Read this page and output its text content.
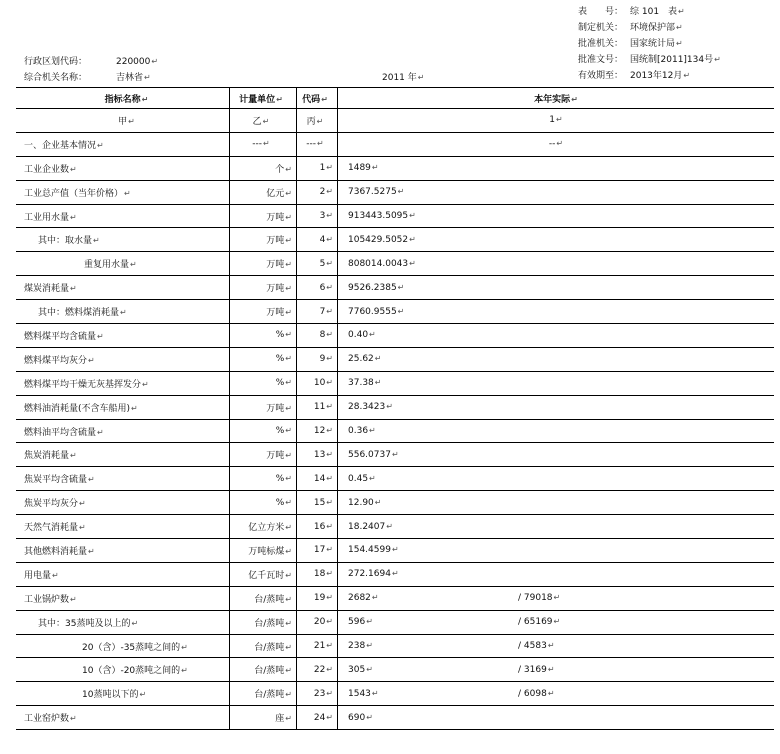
表　　号： 综 101　表↵
制定机关： 环境保护部↵
批准机关： 国家统计局↵
批准文号： 国统制[2011]134号↵
有效期至： 2013年12月↵
行政区划代码：	220000↵
综合机关名称：	吉林省↵	2011 年↵
指标名称↵	计量单位↵	代码↵	本年实际↵
甲↵	乙↵	丙↵	1↵
一、企业基本情况↵	---↵	---↵	--↵
工业企业数↵	个↵	1↵	1489↵
工业总产值（当年价格）↵	亿元↵	2↵	7367.5275↵
工业用水量↵	万吨↵	3↵	913443.5095↵
其中：取水量↵	万吨↵	4↵	105429.5052↵
重复用水量↵	万吨↵	5↵	808014.0043↵
煤炭消耗量↵	万吨↵	6↵	9526.2385↵
其中：燃料煤消耗量↵	万吨↵	7↵	7760.9555↵
燃料煤平均含硫量↵	%↵	8↵	0.40↵
燃料煤平均灰分↵	%↵	9↵	25.62↵
燃料煤平均干燥无灰基挥发分↵	%↵	10↵	37.38↵
燃料油消耗量(不含车船用)↵	万吨↵	11↵	28.3423↵
燃料油平均含硫量↵	%↵	12↵	0.36↵
焦炭消耗量↵	万吨↵	13↵	556.0737↵
焦炭平均含硫量↵	%↵	14↵	0.45↵
焦炭平均灰分↵	%↵	15↵	12.90↵
天然气消耗量↵	亿立方米↵	16↵	18.2407↵
其他燃料消耗量↵	万吨标煤↵	17↵	154.4599↵
用电量↵	亿千瓦时↵	18↵	272.1694↵
工业锅炉数↵	台/蒸吨↵	19↵	2682↵ / 79018↵
其中：35蒸吨及以上的↵	台/蒸吨↵	20↵	596↵ / 65169↵
20（含）-35蒸吨之间的↵	台/蒸吨↵	21↵	238↵ / 4583↵
10（含）-20蒸吨之间的↵	台/蒸吨↵	22↵	305↵ / 3169↵
10蒸吨以下的↵	台/蒸吨↵	23↵	1543↵ / 6098↵
工业窑炉数↵	座↵	24↵	690↵
